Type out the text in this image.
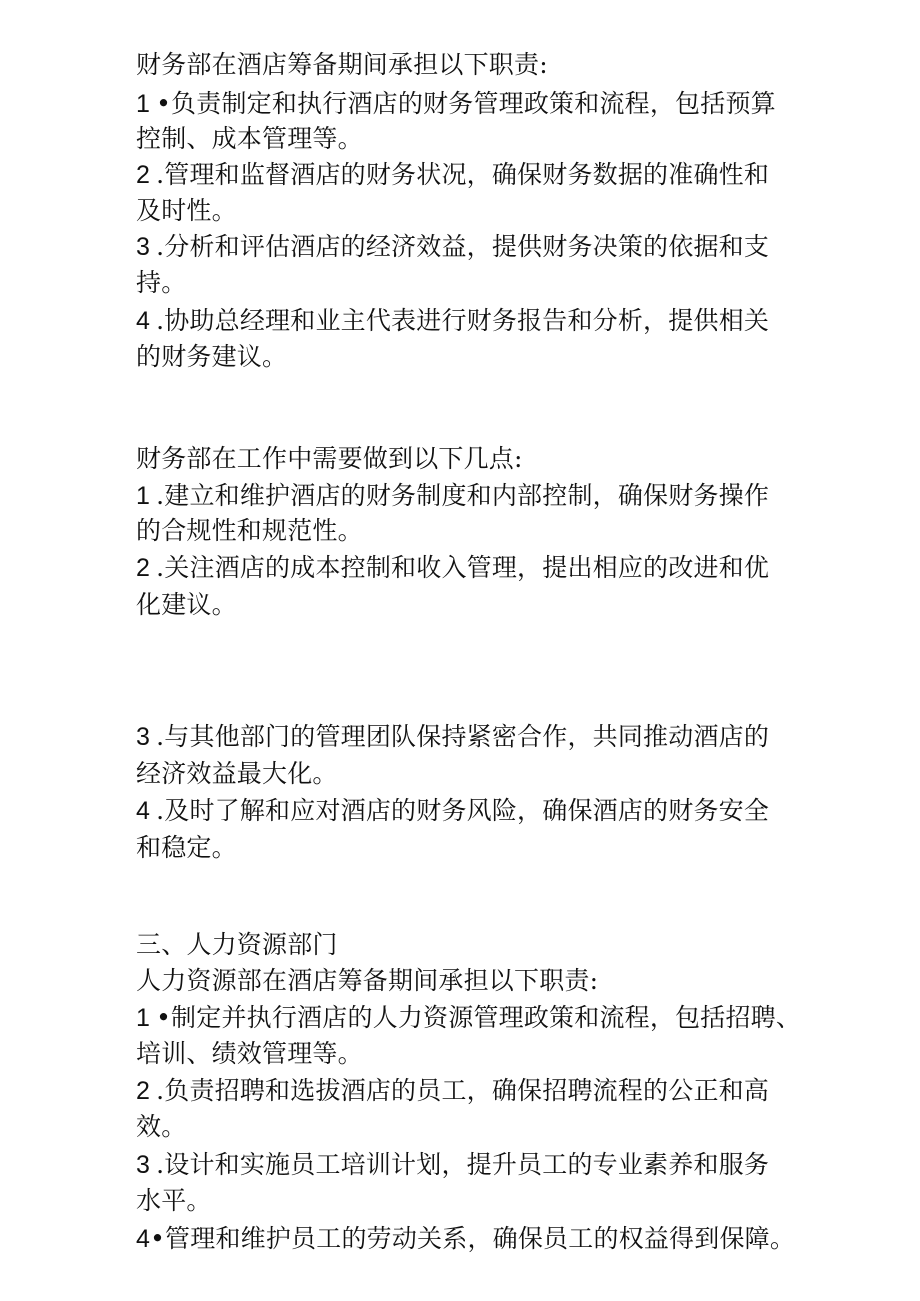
财务部在酒店筹备期间承担以下职责:
1 •负责制定和执行酒店的财务管理政策和流程，包括预算
控制、成本管理等。
2 .管理和监督酒店的财务状况，确保财务数据的准确性和
及时性。
3 .分析和评估酒店的经济效益，提供财务决策的依据和支
持。
4 .协助总经理和业主代表进行财务报告和分析，提供相关
的财务建议。
财务部在工作中需要做到以下几点:
1 .建立和维护酒店的财务制度和内部控制，确保财务操作
的合规性和规范性。
2 .关注酒店的成本控制和收入管理，提出相应的改进和优
化建议。
3 .与其他部门的管理团队保持紧密合作，共同推动酒店的
经济效益最大化。
4 .及时了解和应对酒店的财务风险，确保酒店的财务安全
和稳定。
三、人力资源部门
人力资源部在酒店筹备期间承担以下职责:
1 •制定并执行酒店的人力资源管理政策和流程，包括招聘、
培训、绩效管理等。
2 .负责招聘和选拔酒店的员工，确保招聘流程的公正和高
效。
3 .设计和实施员工培训计划，提升员工的专业素养和服务
水平。
4•管理和维护员工的劳动关系，确保员工的权益得到保障。
